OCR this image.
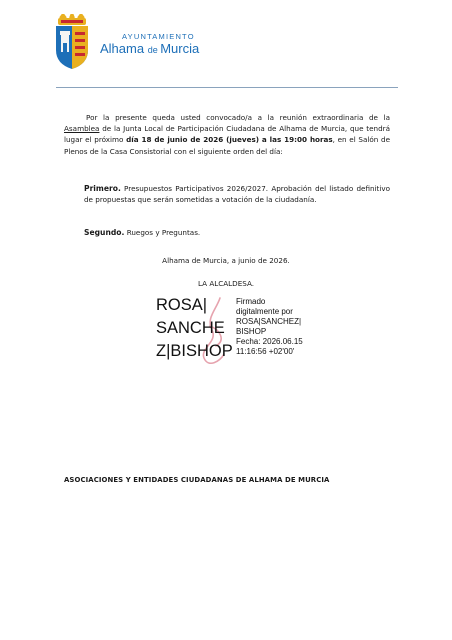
AYUNTAMIENTO
Alhama de Murcia
Por la presente queda usted convocado/a a la reunión extraordinaria de la Asamblea de la Junta Local de Participación Ciudadana de Alhama de Murcia, que tendrá lugar el próximo día 18 de junio de 2026 (jueves) a las 19:00 horas, en el Salón de Plenos de la Casa Consistorial con el siguiente orden del día:
Primero. Presupuestos Participativos 2026/2027. Aprobación del listado definitivo de propuestas que serán sometidas a votación de la ciudadanía.
Segundo. Ruegos y Preguntas.
Alhama de Murcia, a junio de 2026.
LA ALCALDESA.
ROSA|
SANCHE
Z|BISHOP
Firmado
digitalmente por
ROSA|SANCHEZ|
BISHOP
Fecha: 2026.06.15
11:16:56 +02'00'
ASOCIACIONES Y ENTIDADES CIUDADANAS DE ALHAMA DE MURCIA
